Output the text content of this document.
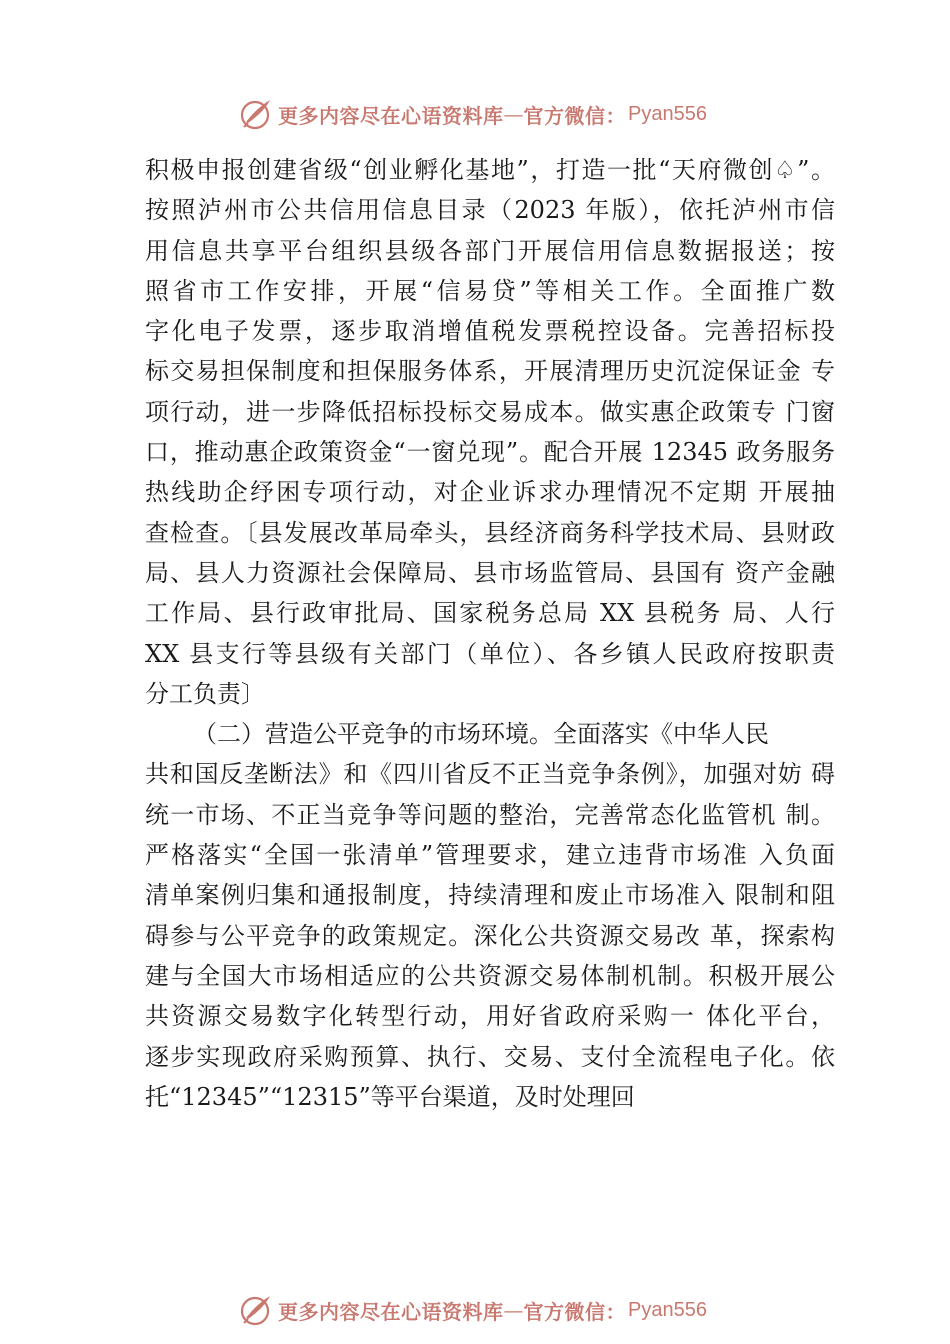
更多内容尽在心语资料库 — 官方微信： Pyan556
积极申报创建省级“创业孵化基地”，打造一批“天府微创♤”。
按照泸州市公共信用信息目录（2023 年版），依托泸州市信
用信息共享平台组织县级各部门开展信用信息数据报送；按
照省市工作安排，开展“信易贷”等相关工作。全面推广数
字化电子发票，逐步取消增值税发票税控设备。完善招标投
标交易担保制度和担保服务体系，开展清理历史沉淀保证金 专
项行动，进一步降低招标投标交易成本。做实惠企政策专 门窗
口，推动惠企政策资金“一窗兑现”。配合开展 12345 政务服务
热线助企纾困专项行动，对企业诉求办理情况不定期 开展抽
查检查。〔县发展改革局牵头，县经济商务科学技术局、县财政
局、县人力资源社会保障局、县市场监管局、县国有 资产金融
工作局、县行政审批局、国家税务总局 XX 县税务 局、人行
XX 县支行等县级有关部门（单位）、各乡镇人民政府按职责
分工负责〕
（二）营造公平竞争的市场环境。全面落实《中华人民
共和国反垄断法》和《四川省反不正当竞争条例》，加强对妨 碍
统一市场、不正当竞争等问题的整治，完善常态化监管机 制。
严格落实“全国一张清单”管理要求，建立违背市场准 入负面
清单案例归集和通报制度，持续清理和废止市场准入 限制和阻
碍参与公平竞争的政策规定。深化公共资源交易改 革，探索构
建与全国大市场相适应的公共资源交易体制机制。积极开展公
共资源交易数字化转型行动，用好省政府采购一 体化平台，
逐步实现政府采购预算、执行、交易、支付全流程电子化。依
托“12345”“12315”等平台渠道，及时处理回
更多内容尽在心语资料库 — 官方微信： Pyan556
